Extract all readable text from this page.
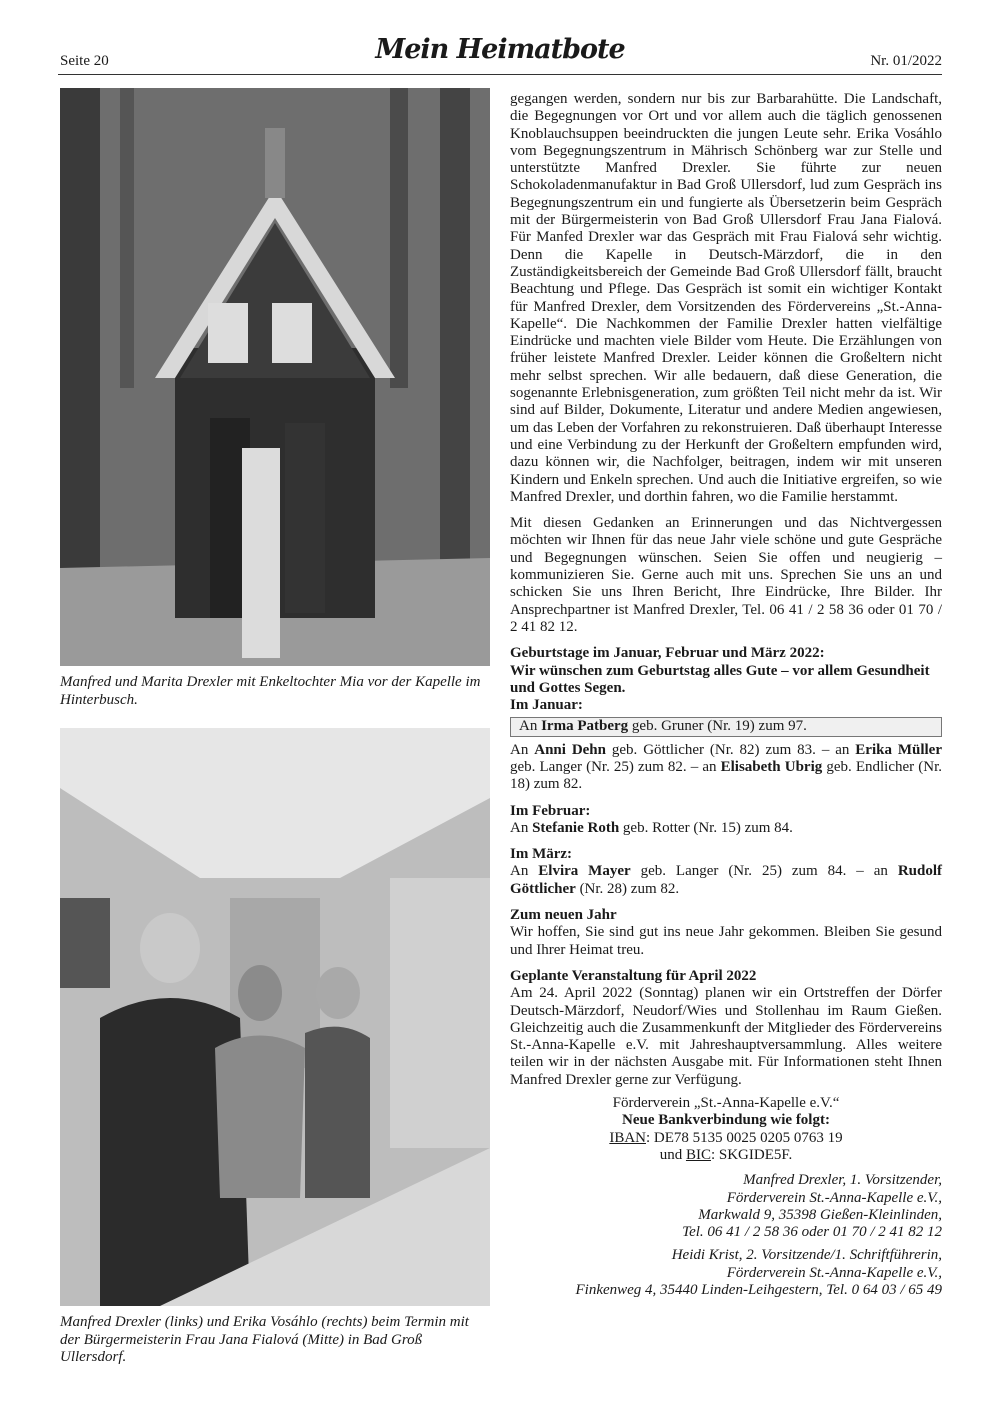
Seite 20	Mein Heimatbote	Nr. 01/2022
Manfred und Marita Drexler mit Enkeltochter Mia vor der Kapelle im Hinterbusch.
Manfred Drexler (links) und Erika Vosáhlo (rechts) beim Termin mit der Bürgermeisterin Frau Jana Fialová (Mitte) in Bad Groß Ullersdorf.

gegangen werden, sondern nur bis zur Barbarahütte. Die Landschaft, die Begegnungen vor Ort und vor allem auch die täglich genossenen Knoblauchsuppen beeindruckten die jungen Leute sehr. Erika Vosáhlo vom Begegnungszentrum in Mährisch Schönberg war zur Stelle und unterstützte Manfred Drexler. Sie führte zur neuen Schokoladenmanufaktur in Bad Groß Ullersdorf, lud zum Gespräch ins Begegnungszentrum ein und fungierte als Übersetzerin beim Gespräch mit der Bürgermeisterin von Bad Groß Ullersdorf Frau Jana Fialová. Für Manfed Drexler war das Gespräch mit Frau Fialová sehr wichtig. Denn die Kapelle in Deutsch-Märzdorf, die in den Zuständigkeitsbereich der Gemeinde Bad Groß Ullersdorf fällt, braucht Beachtung und Pflege. Das Gespräch ist somit ein wichtiger Kontakt für Manfred Drexler, dem Vorsitzenden des Fördervereins „St.-Anna-Kapelle“. Die Nachkommen der Familie Drexler hatten vielfältige Eindrücke und machten viele Bilder vom Heute. Die Erzählungen von früher leistete Manfred Drexler. Leider können die Großeltern nicht mehr selbst sprechen. Wir alle bedauern, daß diese Generation, die sogenannte Erlebnisgeneration, zum größten Teil nicht mehr da ist. Wir sind auf Bilder, Dokumente, Literatur und andere Medien angewiesen, um das Leben der Vorfahren zu rekonstruieren. Daß überhaupt Interesse und eine Verbindung zu der Herkunft der Großeltern empfunden wird, dazu können wir, die Nachfolger, beitragen, indem wir mit unseren Kindern und Enkeln sprechen. Und auch die Initiative ergreifen, so wie Manfred Drexler, und dorthin fahren, wo die Familie herstammt.

Mit diesen Gedanken an Erinnerungen und das Nichtvergessen möchten wir Ihnen für das neue Jahr viele schöne und gute Gespräche und Begegnungen wünschen. Seien Sie offen und neugierig – kommunizieren Sie. Gerne auch mit uns. Sprechen Sie uns an und schicken Sie uns Ihren Bericht, Ihre Eindrücke, Ihre Bilder. Ihr Ansprechpartner ist Manfred Drexler, Tel. 06 41 / 2 58 36 oder 01 70 / 2 41 82 12.

Geburtstage im Januar, Februar und März 2022:
Wir wünschen zum Geburtstag alles Gute – vor allem Gesundheit und Gottes Segen.
Im Januar:
An Irma Patberg geb. Gruner (Nr. 19) zum 97.

An Anni Dehn geb. Göttlicher (Nr. 82) zum 83. – an Erika Müller geb. Langer (Nr. 25) zum 82. – an Elisabeth Ubrig geb. Endlicher (Nr. 18) zum 82.

Im Februar:

An Stefanie Roth geb. Rotter (Nr. 15) zum 84.

Im März:

An Elvira Mayer geb. Langer (Nr. 25) zum 84. – an Rudolf Göttlicher (Nr. 28) zum 82.

Zum neuen Jahr

Wir hoffen, Sie sind gut ins neue Jahr gekommen. Bleiben Sie gesund und Ihrer Heimat treu.

Geplante Veranstaltung für April 2022

Am 24. April 2022 (Sonntag) planen wir ein Ortstreffen der Dörfer Deutsch-Märzdorf, Neudorf/Wies und Stollenhau im Raum Gießen. Gleichzeitig auch die Zusammenkunft der Mitglieder des Fördervereins St.-Anna-Kapelle e.V. mit Jahreshauptversammlung. Alles weitere teilen wir in der nächsten Ausgabe mit. Für Informationen steht Ihnen Manfred Drexler gerne zur Verfügung.

Förderverein „St.-Anna-Kapelle e.V.“
Neue Bankverbindung wie folgt:
IBAN: DE78 5135 0025 0205 0763 19
und BIC: SKGIDE5F.
Manfred Drexler, 1. Vorsitzender,
Förderverein St.-Anna-Kapelle e.V.,
Markwald 9, 35398 Gießen-Kleinlinden,
Tel. 06 41 / 2 58 36 oder 01 70 / 2 41 82 12
Heidi Krist, 2. Vorsitzende/1. Schriftführerin,
Förderverein St.-Anna-Kapelle e.V.,
Finkenweg 4, 35440 Linden-Leihgestern, Tel. 0 64 03 / 65 49
